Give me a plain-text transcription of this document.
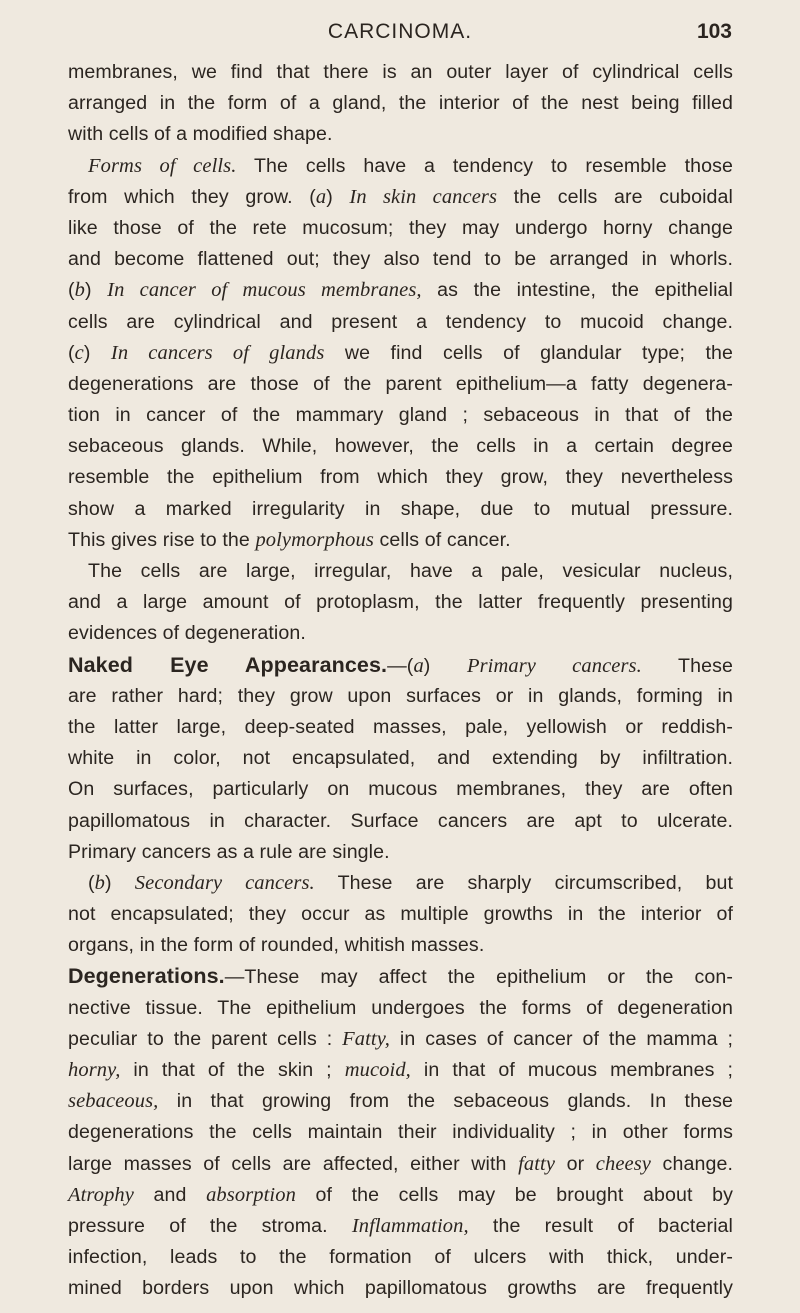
CARCINOMA.	103
membranes, we find that there is an outer layer of cylindrical cells
arranged in the form of a gland, the interior of the nest being filled
with cells of a modified shape.
Forms of cells. The cells have a tendency to resemble those
from which they grow. (a) In skin cancers the cells are cuboidal
like those of the rete mucosum; they may undergo horny change
and become flattened out; they also tend to be arranged in whorls.
(b) In cancer of mucous membranes, as the intestine, the epithelial
cells are cylindrical and present a tendency to mucoid change.
(c) In cancers of glands we find cells of glandular type; the
degenerations are those of the parent epithelium—a fatty degenera-
tion in cancer of the mammary gland ; sebaceous in that of the
sebaceous glands. While, however, the cells in a certain degree
resemble the epithelium from which they grow, they nevertheless
show a marked irregularity in shape, due to mutual pressure.
This gives rise to the polymorphous cells of cancer.
The cells are large, irregular, have a pale, vesicular nucleus,
and a large amount of protoplasm, the latter frequently presenting
evidences of degeneration.
Naked Eye Appearances.—(a) Primary cancers. These
are rather hard; they grow upon surfaces or in glands, forming in
the latter large, deep-seated masses, pale, yellowish or reddish-
white in color, not encapsulated, and extending by infiltration.
On surfaces, particularly on mucous membranes, they are often
papillomatous in character. Surface cancers are apt to ulcerate.
Primary cancers as a rule are single.
(b) Secondary cancers. These are sharply circumscribed, but
not encapsulated; they occur as multiple growths in the interior of
organs, in the form of rounded, whitish masses.
Degenerations.—These may affect the epithelium or the con-
nective tissue. The epithelium undergoes the forms of degeneration
peculiar to the parent cells : Fatty, in cases of cancer of the mamma ;
horny, in that of the skin ; mucoid, in that of mucous membranes ;
sebaceous, in that growing from the sebaceous glands. In these
degenerations the cells maintain their individuality ; in other forms
large masses of cells are affected, either with fatty or cheesy change.
Atrophy and absorption of the cells may be brought about by
pressure of the stroma. Inflammation, the result of bacterial
infection, leads to the formation of ulcers with thick, under-
mined borders upon which papillomatous growths are frequently
